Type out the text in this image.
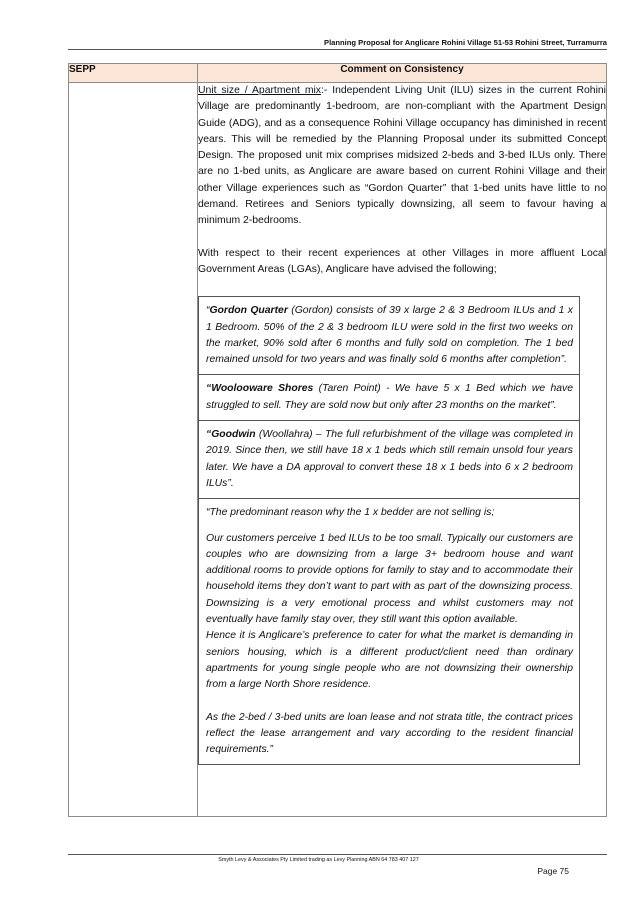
Planning Proposal for Anglicare Rohini Village 51-53 Rohini Street, Turramurra
SEPP	Comment on Consistency

Unit size / Apartment mix:- Independent Living Unit (ILU) sizes in the current Rohini Village are predominantly 1-bedroom, are non-compliant with the Apartment Design Guide (ADG), and as a consequence Rohini Village occupancy has diminished in recent years. This will be remedied by the Planning Proposal under its submitted Concept Design. The proposed unit mix comprises midsized 2-beds and 3-bed ILUs only. There are no 1-bed units, as Anglicare are aware based on current Rohini Village and their other Village experiences such as “Gordon Quarter” that 1-bed units have little to no demand. Retirees and Seniors typically downsizing, all seem to favour having a minimum 2-bedrooms.

With respect to their recent experiences at other Villages in more affluent Local Government Areas (LGAs), Anglicare have advised the following;

“Gordon Quarter (Gordon) consists of 39 x large 2 & 3 Bedroom ILUs and 1 x 1 Bedroom. 50% of the 2 & 3 bedroom ILU were sold in the first two weeks on the market, 90% sold after 6 months and fully sold on completion. The 1 bed remained unsold for two years and was finally sold 6 months after completion”.
“Woolooware Shores (Taren Point) - We have 5 x 1 Bed which we have struggled to sell. They are sold now but only after 23 months on the market”.
“Goodwin (Woollahra) – The full refurbishment of the village was completed in 2019. Since then, we still have 18 x 1 beds which still remain unsold four years later. We have a DA approval to convert these 18 x 1 beds into 6 x 2 bedroom ILUs”.

“The predominant reason why the 1 x bedder are not selling is;

Our customers perceive 1 bed ILUs to be too small. Typically our customers are couples who are downsizing from a large 3+ bedroom house and want additional rooms to provide options for family to stay and to accommodate their household items they don’t want to part with as part of the downsizing process. Downsizing is a very emotional process and whilst customers may not eventually have family stay over, they still want this option available.

Hence it is Anglicare’s preference to cater for what the market is demanding in seniors housing, which is a different product/client need than ordinary apartments for young single people who are not downsizing their ownership from a large North Shore residence.

As the 2-bed / 3-bed units are loan lease and not strata title, the contract prices reflect the lease arrangement and vary according to the resident financial requirements.”

Smyth Levy & Associates Pty Limited trading as Levy Planning ABN 64 783 407 127
Page 75
